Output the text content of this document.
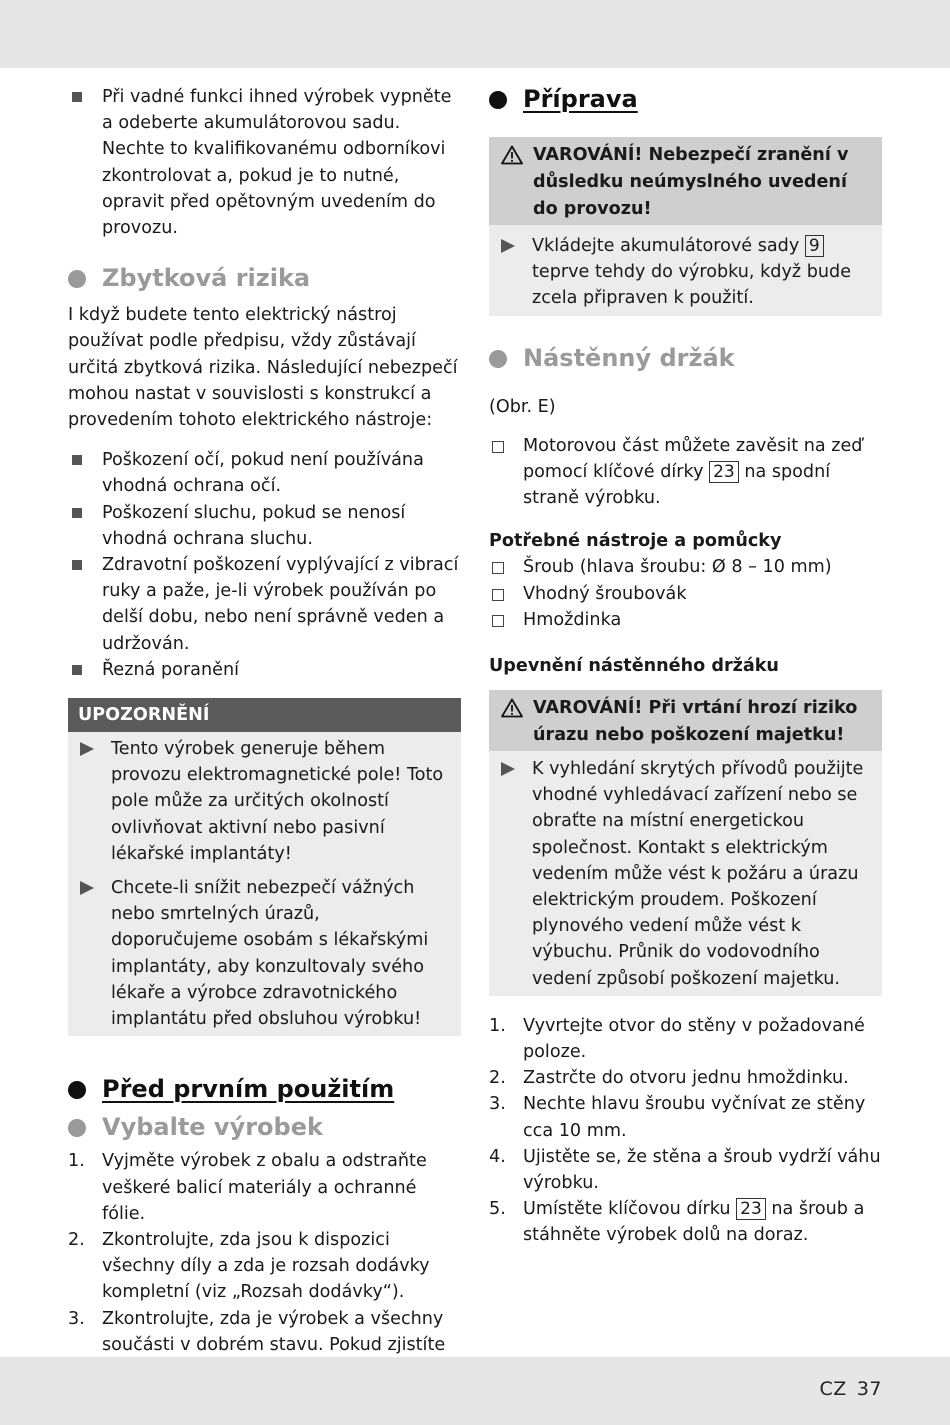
Při vadné funkci ihned výrobek vypněte a odeberte akumulátorovou sadu. Nechte to kvalifikovanému odborníkovi zkontrolovat a, pokud je to nutné, opravit před opětovným uvedením do provozu.
Zbytková rizika

I když budete tento elektrický nástroj používat podle předpisu, vždy zůstávají určitá zbytková rizika. Následující nebezpečí mohou nastat v souvislosti s konstrukcí a provedením tohoto elektrického nástroje:

Poškození očí, pokud není používána vhodná ochrana očí.
Poškození sluchu, pokud se nenosí vhodná ochrana sluchu.
Zdravotní poškození vyplývající z vibrací ruky a paže, je-li výrobek používán po delší dobu, nebo není správně veden a udržován.
Řezná poranění
UPOZORNĚNÍ
Tento výrobek generuje během provozu elektromagnetické pole! Toto pole může za určitých okolností ovlivňovat aktivní nebo pasivní lékařské implantáty!
Chcete-li snížit nebezpečí vážných nebo smrtelných úrazů, doporučujeme osobám s lékařskými implantáty, aby konzultovaly svého lékaře a výrobce zdravotnického implantátu před obsluhou výrobku!
Před prvním použitím
Vybalte výrobek
1. Vyjměte výrobek z obalu a odstraňte veškeré balicí materiály a ochranné fólie.
2. Zkontrolujte, zda jsou k dispozici všechny díly a zda je rozsah dodávky kompletní (viz „Rozsah dodávky“).
3. Zkontrolujte, zda je výrobek a všechny součásti v dobrém stavu. Pokud zjistíte
Příprava
VAROVÁNÍ! Nebezpečí zranění v důsledku neúmyslného uvedení do provozu!
Vkládejte akumulátorové sady 9 teprve tehdy do výrobku, když bude zcela připraven k použití.
Nástěnný držák

(Obr. E)

Motorovou část můžete zavěsit na zeď pomocí klíčové dírky 23 na spodní straně výrobku.
Potřebné nástroje a pomůcky
Šroub (hlava šroubu: Ø 8 – 10 mm)
Vhodný šroubovák
Hmoždinka
Upevnění nástěnného držáku
VAROVÁNÍ! Při vrtání hrozí riziko úrazu nebo poškození majetku!
K vyhledání skrytých přívodů použijte vhodné vyhledávací zařízení nebo se obraťte na místní energetickou společnost. Kontakt s elektrickým vedením může vést k požáru a úrazu elektrickým proudem. Poškození plynového vedení může vést k výbuchu. Průnik do vodovodního vedení způsobí poškození majetku.
1. Vyvrtejte otvor do stěny v požadované poloze.
2. Zastrčte do otvoru jednu hmoždinku.
3. Nechte hlavu šroubu vyčnívat ze stěny cca 10 mm.
4. Ujistěte se, že stěna a šroub vydrží váhu výrobku.
5. Umístěte klíčovou dírku 23 na šroub a stáhněte výrobek dolů na doraz.
CZ 37
